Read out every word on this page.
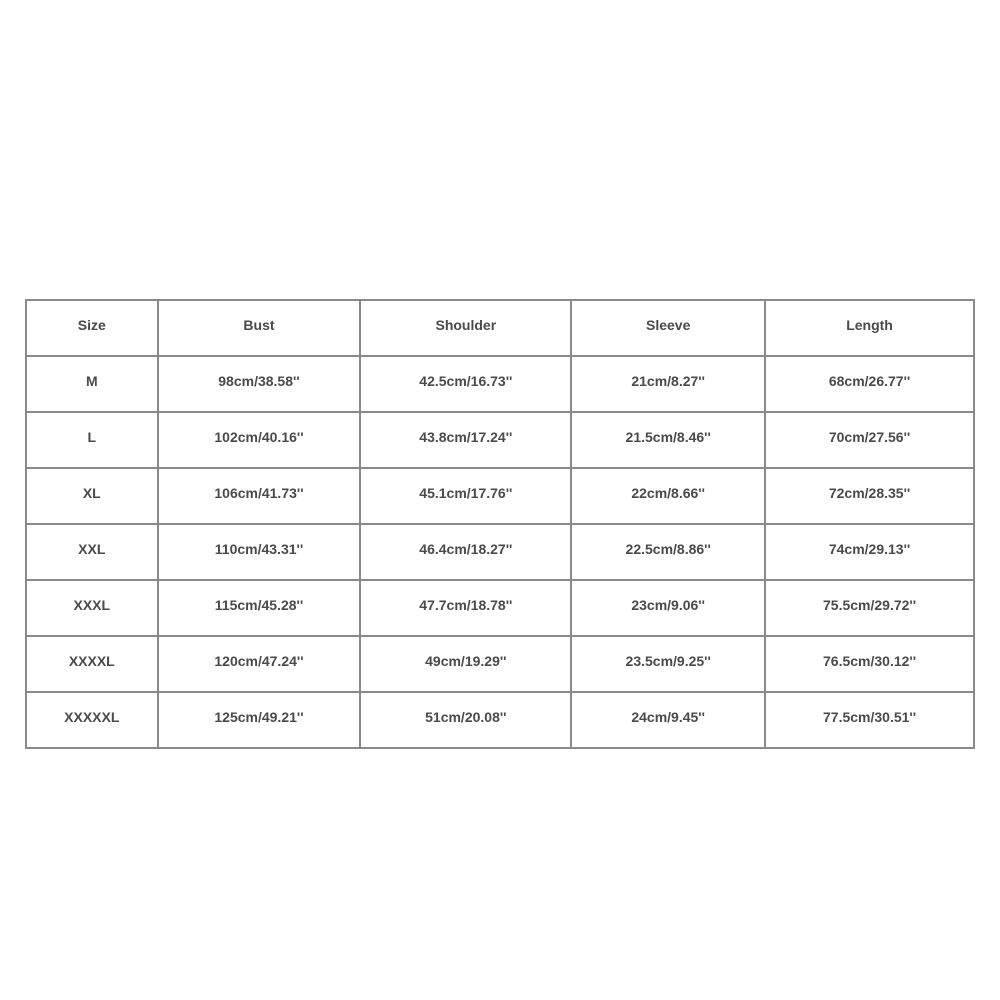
Size	Bust	Shoulder	Sleeve	Length
M	98cm/38.58''	42.5cm/16.73''	21cm/8.27''	68cm/26.77''
L	102cm/40.16''	43.8cm/17.24''	21.5cm/8.46''	70cm/27.56''
XL	106cm/41.73''	45.1cm/17.76''	22cm/8.66''	72cm/28.35''
XXL	110cm/43.31''	46.4cm/18.27''	22.5cm/8.86''	74cm/29.13''
XXXL	115cm/45.28''	47.7cm/18.78''	23cm/9.06''	75.5cm/29.72''
XXXXL	120cm/47.24''	49cm/19.29''	23.5cm/9.25''	76.5cm/30.12''
XXXXXL	125cm/49.21''	51cm/20.08''	24cm/9.45''	77.5cm/30.51''
